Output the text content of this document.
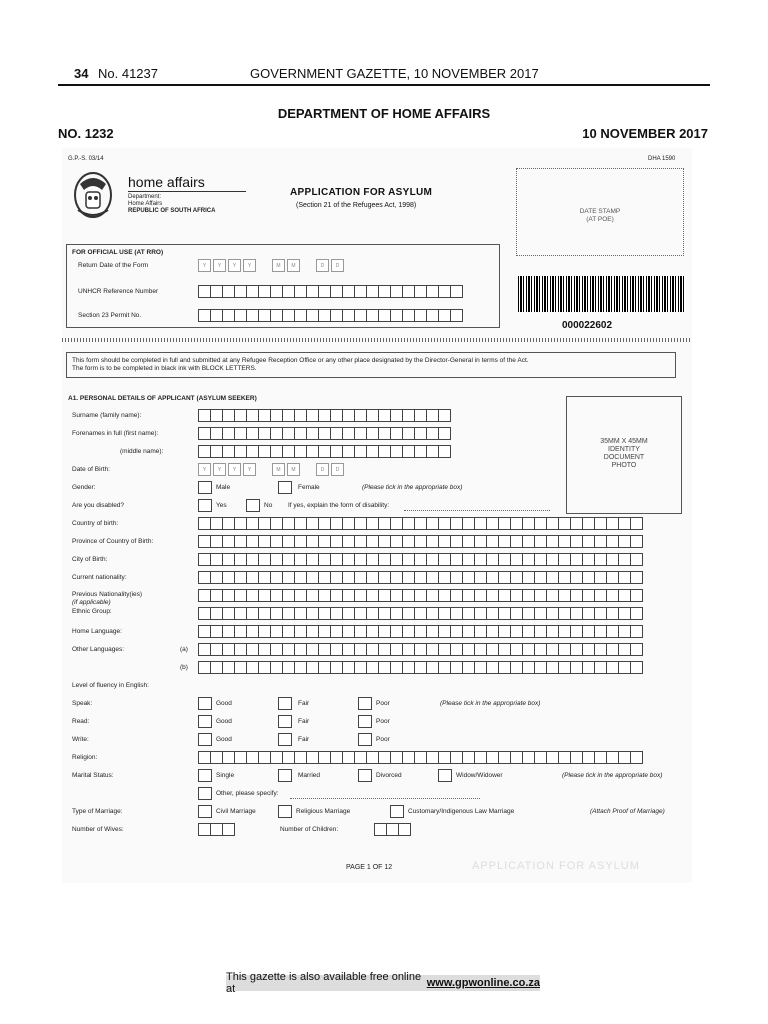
34 No. 41237	GOVERNMENT GAZETTE, 10 NOVEMBER 2017
DEPARTMENT OF HOME AFFAIRS
NO. 1232	10 NOVEMBER 2017
G.P.-S. 03/14	DHA 1590
home affairs
Department:
Home Affairs
REPUBLIC OF SOUTH AFRICA
APPLICATION FOR ASYLUM
(Section 21 of the Refugees Act, 1998)
DATE STAMP
(AT POE)
FOR OFFICIAL USE (AT RRO)
Return Date of the Form	Y	Y	Y	Y	M	M	D	D
UNHCR Reference Number
Section 23 Permit No.
000022602
This form should be completed in full and submitted at any Refugee Reception Office or any other place designated by the Director-General in terms of the Act.
The form is to be completed in black ink with BLOCK LETTERS.
A1. PERSONAL DETAILS OF APPLICANT (ASYLUM SEEKER)
35MM X 45MM
IDENTITY
DOCUMENT
PHOTO
Surname (family name):
Forenames in full (first name):
(middle name):
Date of Birth:	Y	Y	Y	Y	M	M	D	D
Gender:	Male	Female	(Please tick in the appropriate box)
Are you disabled?	Yes	No If yes, explain the form of disability:
Country of birth:
Province of Country of Birth:
City of Birth:
Current nationality:
Previous Nationality(ies)
(if applicable)
Ethnic Group:
Home Language:
Other Languages:	(a)
(b)
Level of fluency in English:
Speak:	Good	Fair	Poor	(Please tick in the appropriate box)
Read:	Good	Fair	Poor
Write:	Good	Fair	Poor
Religion:
Marital Status:	Single	Married	Divorced	Widow/Widower	(Please tick in the appropriate box)
Other, please specify:
Type of Marriage:	Civil Marriage	Religious Marriage	Customary/Indigenous Law Marriage	(Attach Proof of Marriage)
Number of Wives:	Number of Children:
PAGE 1 OF 12	APPLICATION FOR ASYLUM
This gazette is also available free online at	www.gpwonline.co.za
